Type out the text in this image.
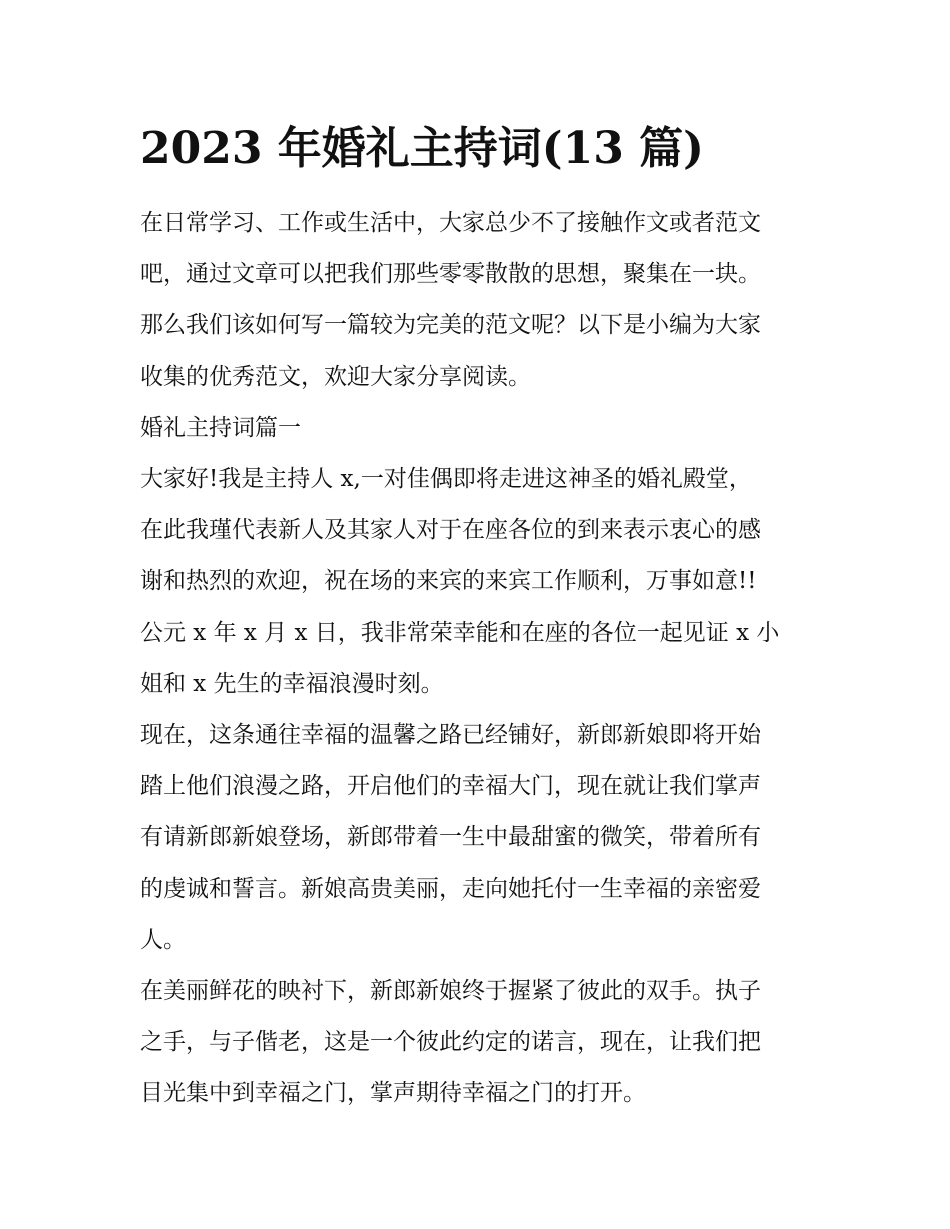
2023 年婚礼主持词(13 篇)

在日常学习、工作或生活中，大家总少不了接触作文或者范文

吧，通过文章可以把我们那些零零散散的思想，聚集在一块。

那么我们该如何写一篇较为完美的范文呢？以下是小编为大家

收集的优秀范文，欢迎大家分享阅读。

婚礼主持词篇一

大家好!我是主持人 x,一对佳偶即将走进这神圣的婚礼殿堂，

在此我瑾代表新人及其家人对于在座各位的到来表示衷心的感

谢和热烈的欢迎，祝在场的来宾的来宾工作顺利，万事如意!!

公元 x 年 x 月 x 日，我非常荣幸能和在座的各位一起见证 x 小

姐和 x 先生的幸福浪漫时刻。

现在，这条通往幸福的温馨之路已经铺好，新郎新娘即将开始

踏上他们浪漫之路，开启他们的幸福大门，现在就让我们掌声

有请新郎新娘登场，新郎带着一生中最甜蜜的微笑，带着所有

的虔诚和誓言。新娘高贵美丽，走向她托付一生幸福的亲密爱

人。

在美丽鲜花的映衬下，新郎新娘终于握紧了彼此的双手。执子

之手，与子偕老，这是一个彼此约定的诺言，现在，让我们把

目光集中到幸福之门，掌声期待幸福之门的打开。
